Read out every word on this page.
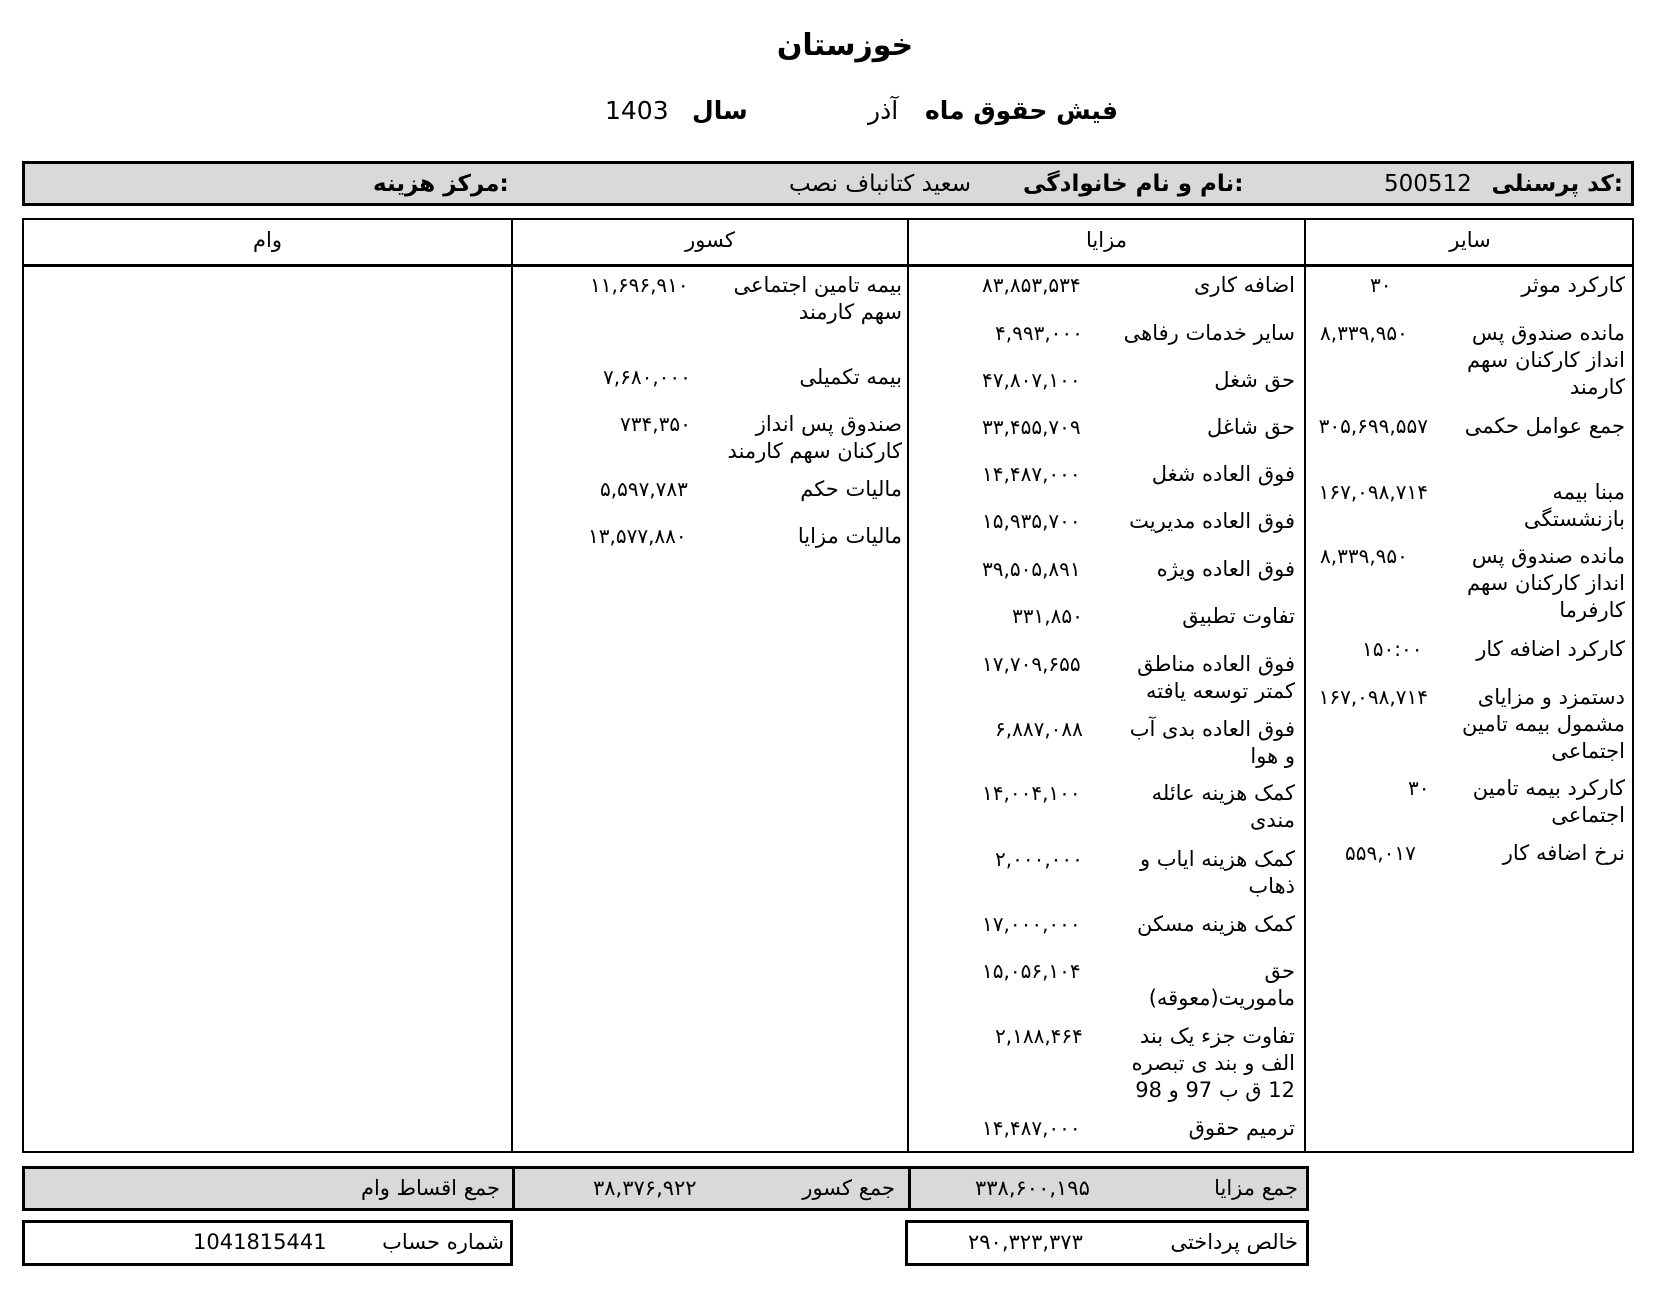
خوزستان
فیش حقوق ماه
آذر
سال
1403
کد پرسنلی:
500512
نام و نام خانوادگی:
سعید کتانباف نصب
مرکز هزینه:
سایر
مزایا
کسور
وام
کارکرد موثر
۳۰
مانده صندوق پس انداز کارکنان سهم کارمند
۸,۳۳۹,۹۵۰
جمع عوامل حکمی
۳۰۵,۶۹۹,۵۵۷
مبنا بیمه بازنشستگی
۱۶۷,۰۹۸,۷۱۴
مانده صندوق پس انداز کارکنان سهم کارفرما
۸,۳۳۹,۹۵۰
کارکرد اضافه کار
۱۵۰:۰۰
دستمزد و مزایای مشمول بیمه تامین اجتماعی
۱۶۷,۰۹۸,۷۱۴
کارکرد بیمه تامین اجتماعی
۳۰
نرخ اضافه کار
۵۵۹,۰۱۷
اضافه کاری
۸۳,۸۵۳,۵۳۴
سایر خدمات رفاهی
۴,۹۹۳,۰۰۰
حق شغل
۴۷,۸۰۷,۱۰۰
حق شاغل
۳۳,۴۵۵,۷۰۹
فوق العاده شغل
۱۴,۴۸۷,۰۰۰
فوق العاده مدیریت
۱۵,۹۳۵,۷۰۰
فوق العاده ویژه
۳۹,۵۰۵,۸۹۱
تفاوت تطبیق
۳۳۱,۸۵۰
فوق العاده مناطق کمتر توسعه یافته
۱۷,۷۰۹,۶۵۵
فوق العاده بدی آب و هوا
۶,۸۸۷,۰۸۸
کمک هزینه عائله مندی
۱۴,۰۰۴,۱۰۰
کمک هزینه ایاب و ذهاب
۲,۰۰۰,۰۰۰
کمک هزینه مسکن
۱۷,۰۰۰,۰۰۰
حق ماموریت(معوقه)
۱۵,۰۵۶,۱۰۴
تفاوت جزء یک بند الف و بند ی تبصره 12 ق ب 97 و 98
۲,۱۸۸,۴۶۴
ترمیم حقوق
۱۴,۴۸۷,۰۰۰
بیمه تامین اجتماعی سهم کارمند
۱۱,۶۹۶,۹۱۰
بیمه تکمیلی
۷,۶۸۰,۰۰۰
صندوق پس انداز کارکنان سهم کارمند
۷۳۴,۳۵۰
مالیات حکم
۵,۵۹۷,۷۸۳
مالیات مزایا
۱۳,۵۷۷,۸۸۰
جمع مزایا
۳۳۸,۶۰۰,۱۹۵
جمع کسور
۳۸,۳۷۶,۹۲۲
جمع اقساط وام
خالص پرداختی
۲۹۰,۳۲۳,۳۷۳
شماره حساب
1041815441
